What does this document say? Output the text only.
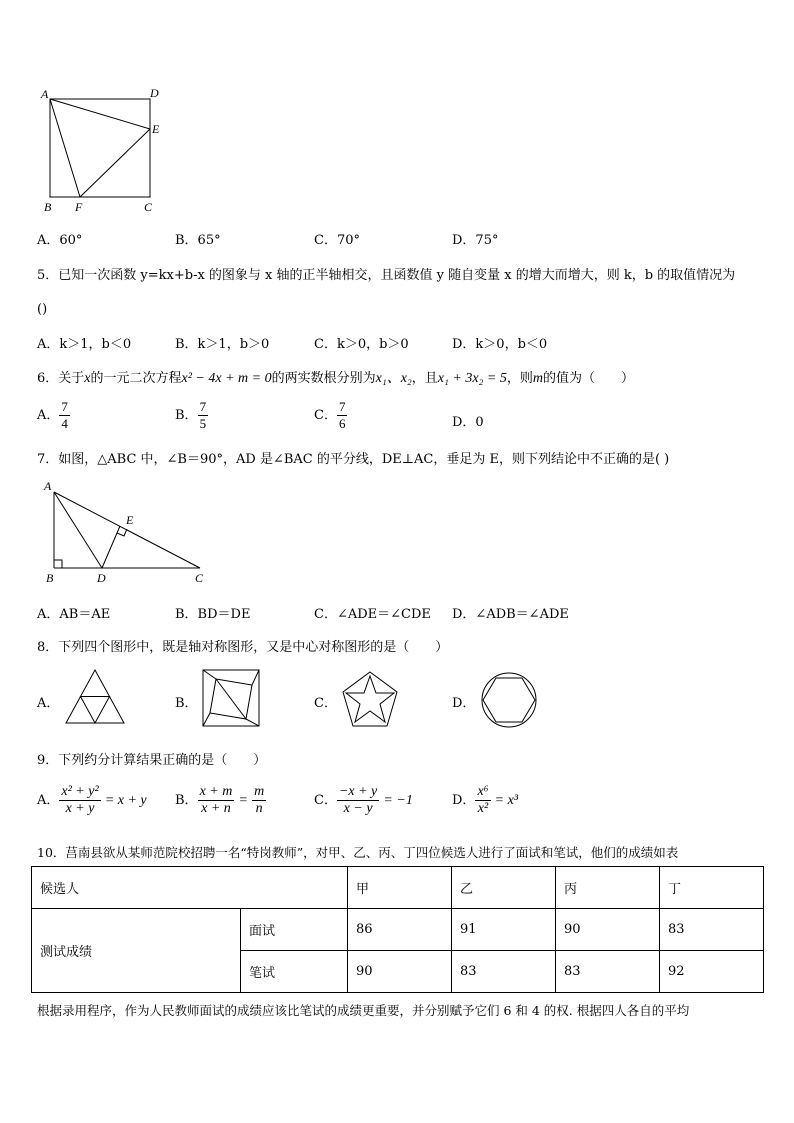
A	D
E
B F	C
A．60°	B．65°	C．70°	D．75°
5．已知一次函数 y=kx+b-x 的图象与 x 轴的正半轴相交，且函数值 y 随自变量 x 的增大而增大，则 k，b 的取值情况为
()
A．k＞1，b＜0	B．k＞1，b＞0	C．k＞0，b＞0	D．k＞0，b＜0
6．关于x的一元二次方程x² − 4x + m = 0的两实数根分别为x₁、x₂，且x₁ + 3x₂ = 5，则m的值为（　　）
A． $\frac{7}{4}$	B． $\frac{7}{5}$	C． $\frac{7}{6}$	D．0
7．如图，△ABC 中，∠B＝90°，AD 是∠BAC 的平分线，DE⊥AC，垂足为 E，则下列结论中不正确的是( )
A
E
B	D	C
A．AB＝AE	B．BD＝DE	C．∠ADE＝∠CDE D．∠ADB＝∠ADE
8．下列四个图形中，既是轴对称图形，又是中心对称图形的是（　　）
A．	B．	C．	D．
9．下列约分计算结果正确的是（　　）
A． $\frac{\text{x² + y²}}{x + y} = x + y$ B． $\frac{x + m}{x + n} = \frac{m}{n}$	C． $\frac{-x + y}{x - y} = -1$	D． $\frac{\text{x⁶}}{\text{x²}} = x^3$
10．莒南县欲从某师范院校招聘一名“特岗教师”，对甲、乙、丙、丁四位候选人进行了面试和笔试，他们的成绩如表
候选人		甲	乙	丙	丁
测试成绩	面试	86	91	90	83
	笔试	90	83	83	92
根据录用程序，作为人民教师面试的成绩应该比笔试的成绩更重要，并分别赋予它们 6 和 4 的权. 根据四人各自的平均
